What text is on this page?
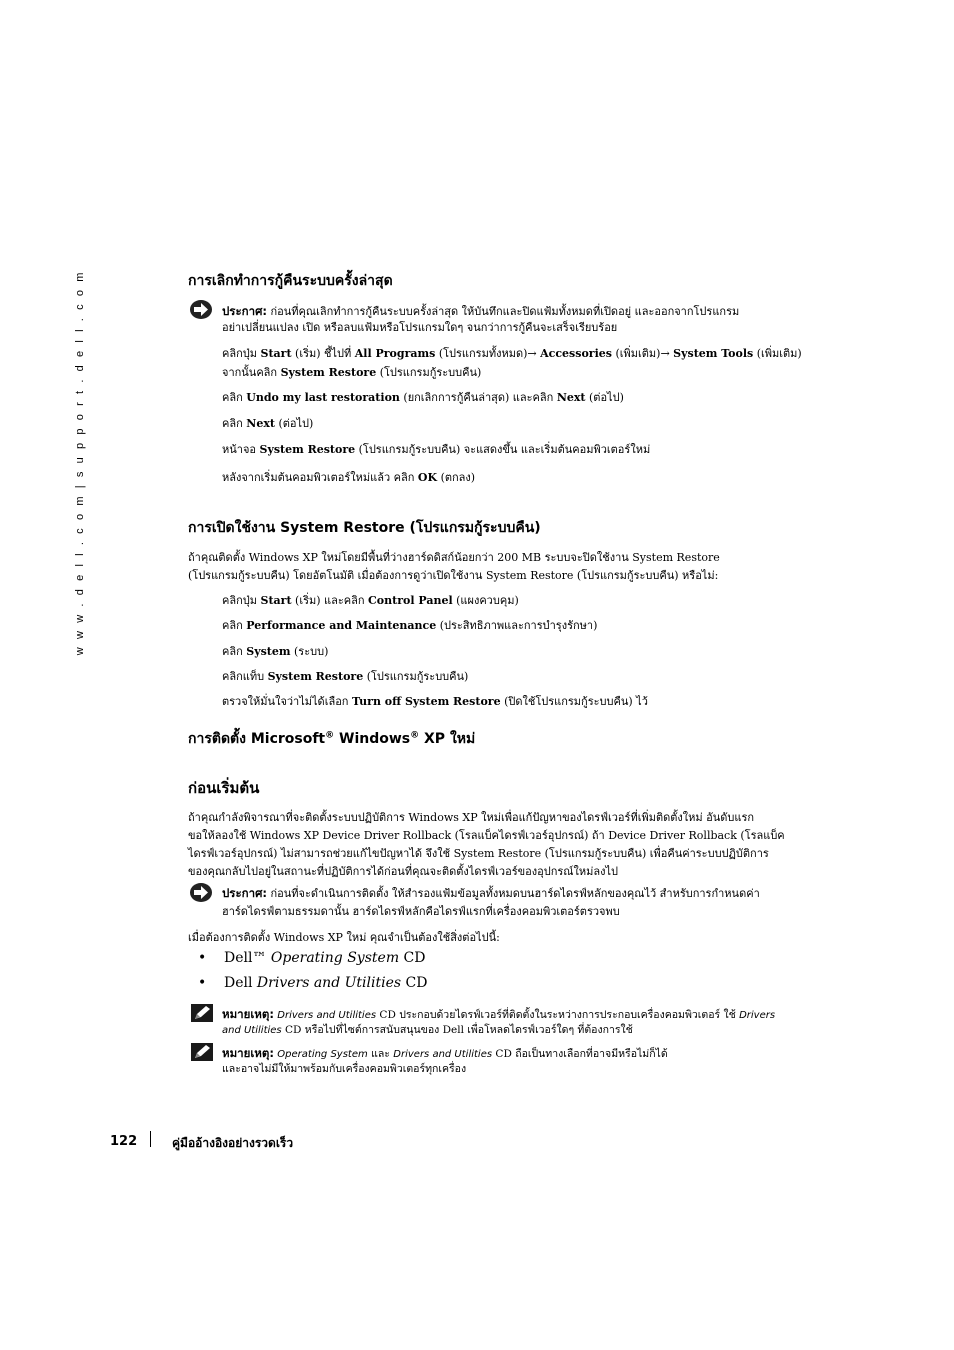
w w w . d e l l . c o m | s u p p o r t . d e l l . c o m	การเลิกทำการกู้คืนระบบครั้งล่าสุด
ประกาศ: ก่อนที่คุณเลิกทำการกู้คืนระบบครั้งล่าสุด ให้บันทึกและปิดแฟ้มทั้งหมดที่เปิดอยู่ และออกจากโปรแกรม
อย่าเปลี่ยนแปลง เปิด หรือลบแฟ้มหรือโปรแกรมใดๆ จนกว่าการกู้คืนจะเสร็จเรียบร้อย
คลิกปุ่ม Start (เริ่ม) ชี้ไปที่ All Programs (โปรแกรมทั้งหมด)→ Accessories (เพิ่มเติม)→ System Tools (เพิ่มเติม)
จากนั้นคลิก System Restore (โปรแกรมกู้ระบบคืน)
คลิก Undo my last restoration (ยกเลิกการกู้คืนล่าสุด) และคลิก Next (ต่อไป)
คลิก Next (ต่อไป)
หน้าจอ System Restore (โปรแกรมกู้ระบบคืน) จะแสดงขึ้น และเริ่มต้นคอมพิวเตอร์ใหม่
หลังจากเริ่มต้นคอมพิวเตอร์ใหม่แล้ว คลิก OK (ตกลง)
การเปิดใช้งาน System Restore (โปรแกรมกู้ระบบคืน)
ถ้าคุณติดตั้ง Windows XP ใหม่โดยมีพื้นที่ว่างฮาร์ดดิสก์น้อยกว่า 200 MB ระบบจะปิดใช้งาน System Restore
(โปรแกรมกู้ระบบคืน) โดยอัตโนมัติ เมื่อต้องการดูว่าเปิดใช้งาน System Restore (โปรแกรมกู้ระบบคืน) หรือไม่:
คลิกปุ่ม Start (เริ่ม) และคลิก Control Panel (แผงควบคุม)
คลิก Performance and Maintenance (ประสิทธิภาพและการบำรุงรักษา)
คลิก System (ระบบ)
คลิกแท็บ System Restore (โปรแกรมกู้ระบบคืน)
ตรวจให้มั่นใจว่าไม่ได้เลือก Turn off System Restore (ปิดใช้โปรแกรมกู้ระบบคืน) ไว้
การติดตั้ง Microsoft® Windows® XP ใหม่
ก่อนเริ่มต้น
ถ้าคุณกำลังพิจารณาที่จะติดตั้งระบบปฏิบัติการ Windows XP ใหม่เพื่อแก้ปัญหาของไดรฟ์เวอร์ที่เพิ่มติดตั้งใหม่ อันดับแรก
ขอให้ลองใช้ Windows XP Device Driver Rollback (โรลแบ็คไดรฟ์เวอร์อุปกรณ์) ถ้า Device Driver Rollback (โรลแบ็ค
ไดรฟ์เวอร์อุปกรณ์) ไม่สามารถช่วยแก้ไขปัญหาได้ จึงใช้ System Restore (โปรแกรมกู้ระบบคืน) เพื่อคืนค่าระบบปฏิบัติการ
ของคุณกลับไปอยู่ในสถานะที่ปฏิบัติการได้ก่อนที่คุณจะติดตั้งไดรฟ์เวอร์ของอุปกรณ์ใหม่ลงไป
ประกาศ: ก่อนที่จะดำเนินการติดตั้ง ให้สำรองแฟ้มข้อมูลทั้งหมดบนฮาร์ดไดรฟ์หลักของคุณไว้ สำหรับการกำหนดค่า
ฮาร์ดไดรฟ์ตามธรรมดานั้น ฮาร์ดไดรฟ์หลักคือไดรฟ์แรกที่เครื่องคอมพิวเตอร์ตรวจพบ
เมื่อต้องการติดตั้ง Windows XP ใหม่ คุณจำเป็นต้องใช้สิ่งต่อไปนี้:
• Dell™ Operating System CD
• Dell Drivers and Utilities CD
หมายเหตุ: Drivers and Utilities CD ประกอบด้วยไดรฟ์เวอร์ที่ติดตั้งในระหว่างการประกอบเครื่องคอมพิวเตอร์ ใช้ Drivers
and Utilities CD หรือไปที่ไซต์การสนับสนุนของ Dell เพื่อโหลดไดรฟ์เวอร์ใดๆ ที่ต้องการใช้
หมายเหตุ: Operating System และ Drivers and Utilities CD ถือเป็นทางเลือกที่อาจมีหรือไม่ก็ได้
และอาจไม่มีให้มาพร้อมกับเครื่องคอมพิวเตอร์ทุกเครื่อง
122	คู่มืออ้างอิงอย่างรวดเร็ว
